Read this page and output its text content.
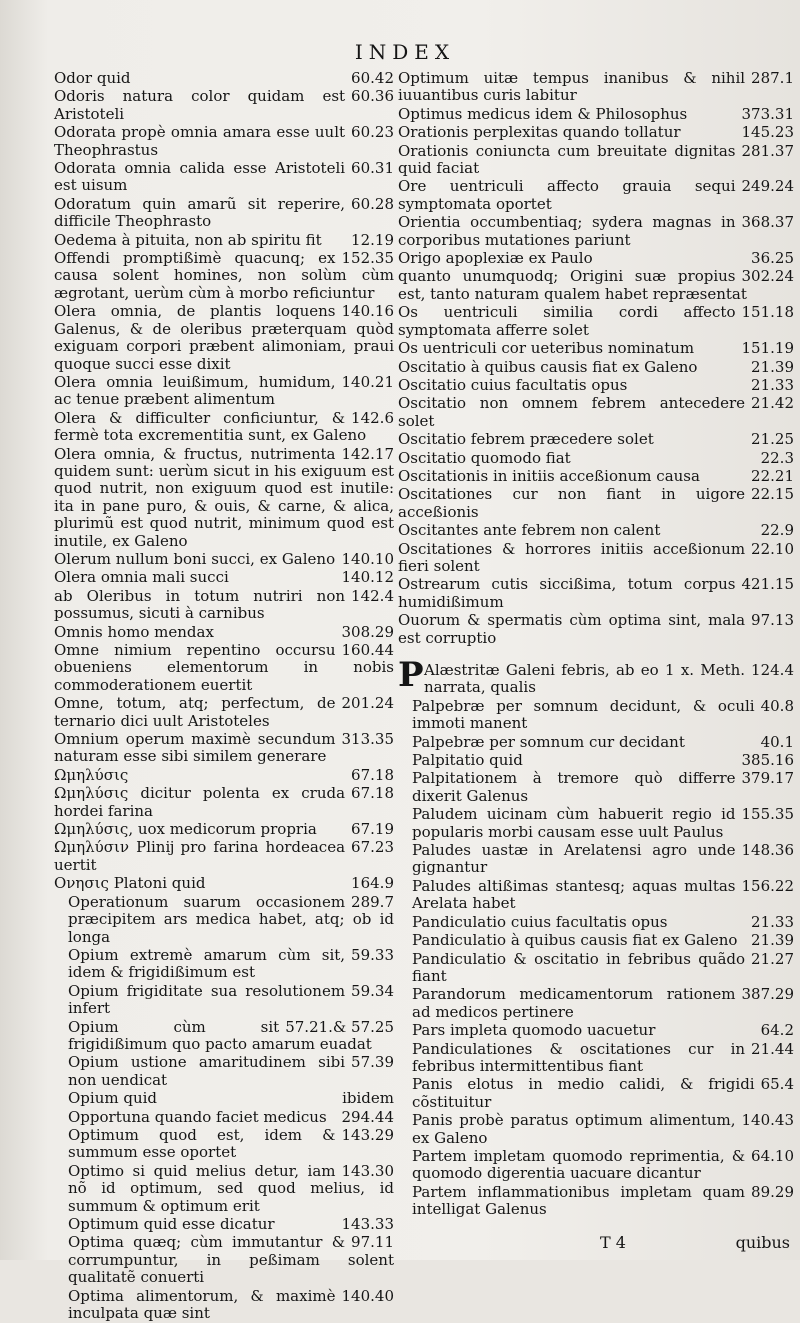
INDEX
60.42
Odor quid
60.36
Odoris natura color quidam est Aristoteli
60.23
Odorata propè omnia amara esse uult Theophrastus
60.31
Odorata omnia calida esse Aristoteli est uisum
60.28
Odoratum quin amarũ sit reperire, difficile Theophrasto
12.19
Oedema à pituita, non ab spiritu fit
152.35
Offendi promptißimè quacunq; ex causa solent homines, non solùm cùm ægrotant, uerùm cùm à morbo reficiuntur
140.16
Olera omnia, de plantis loquens Galenus, & de oleribus præterquam quòd exiguam corpori præbent alimoniam, praui quoque succi esse dixit
140.21
Olera omnia leuißimum, humidum, ac tenue præbent alimentum
142.6
Olera & difficulter conficiuntur, & fermè tota excrementitia sunt, ex Galeno
142.17
Olera omnia, & fructus, nutrimenta quidem sunt: uerùm sicut in his exiguum est quod nutrit, non exiguum quod est inutile: ita in pane puro, & ouis, & carne, & alica, plurimũ est quod nutrit, minimum quod est inutile, ex Galeno
140.10
Olerum nullum boni succi, ex Galeno
140.12
Olera omnia mali succi
142.4
ab Oleribus in totum nutriri non possumus, sicuti à carnibus
308.29
Omnis homo mendax
160.44
Omne nimium repentino occursu obueniens elementorum in nobis commoderationem euertit
201.24
Omne, totum, atq; perfectum, de ternario dici uult Aristoteles
313.35
Omnium operum maximè secundum naturam esse sibi similem generare
67.18
Ωμηλύσις
67.18
Ωμηλύσις dicitur polenta ex cruda hordei farina
67.19
Ωμηλύσις, uox medicorum propria
67.23
Ωμηλύσιν Plinĳ pro farina hordeacea uertit
164.9
Ονησις Platoni quid
289.7
Operationum suarum occasionem præcipitem ars medica habet, atq; ob id longa
59.33
Opium extremè amarum cùm sit, idem & frigidißimum est
59.34
Opium frigiditate sua resolutionem infert
57.21.& 57.25
Opium cùm sit frigidißimum quo pacto amarum euadat
57.39
Opium ustione amaritudinem sibi non uendicat
ibidem
Opium quid
294.44
Opportuna quando faciet medicus
143.29
Optimum quod est, idem & summum esse oportet
143.30
Optimo si quid melius detur, iam nõ id optimum, sed quod melius, id summum & optimum erit
143.33
Optimum quid esse dicatur
97.11
Optima quæq; cùm immutantur & corrumpuntur, in peßimam solent qualitatẽ conuerti
140.40
Optima alimentorum, & maximè inculpata quæ sint
287.1
Optimum uitæ tempus inanibus & nihil iuuantibus curis labitur
373.31
Optimus medicus idem & Philosophus
145.23
Orationis perplexitas quando tollatur
281.37
Orationis coniunctа cum breuitate dignitas quid faciat
249.24
Ore uentriculi affecto grauia sequi symptomata oportet
368.37
Orientia occumbentiaq; sydera magnas in corporibus mutationes pariunt
36.25
Origo apoplexiæ ex Paulo
302.24
quanto unumquodq; Origini suæ propius est, tanto naturam qualem habet repræsentat
151.18
Os uentriculi similia cordi affecto symptomata afferre solet
151.19
Os uentriculi cor ueteribus nominatum
21.39
Oscitatio à quibus causis fiat ex Galeno
21.33
Oscitatio cuius facultatis opus
21.42
Oscitatio non omnem febrem antecedere solet
21.25
Oscitatio febrem præcedere solet
22.3
Oscitatio quomodo fiat
22.21
Oscitationis in initiis acceßionum causa
22.15
Oscitationes cur non fiant in uigore acceßionis
22.9
Oscitantes ante febrem non calent
22.10
Oscitationes & horrores initiis acceßionum fieri solent
421.15
Ostrearum cutis siccißima, totum corpus humidißimum
97.13
Ouorum & spermatis cùm optima sint, mala est corruptio
P	124.4
Alæstritæ Galeni febris, ab eo 1 x. Meth. narrata, qualis
40.8
Palpebræ per somnum decidunt, & oculi immoti manent
40.1
Palpebræ per somnum cur decidant
385.16
Palpitatio quid
379.17
Palpitationem à tremore quò differre dixerit Galenus
155.35
Paludem uicinam cùm habuerit regio id popularis morbi causam esse uult Paulus
148.36
Paludes uastæ in Arelatensi agro unde gignantur
156.22
Paludes altißimas stantesq; aquas multas Arelata habet
21.33
Pandiculatio cuius facultatis opus
21.39
Pandiculatio à quibus causis fiat ex Galeno
21.27
Pandiculatio & oscitatio in febribus quãdo fiant
387.29
Parandorum medicamentorum rationem ad medicos pertinere
64.2
Pars impleta quomodo uacuetur
21.44
Pandiculationes & oscitationes cur in febribus intermittentibus fiant
65.4
Panis elotus in medio calidi, & frigidi cõstituitur
140.43
Panis probè paratus optimum alimentum, ex Galeno
64.10
Partem impletam quomodo reprimentia, & quomodo digerentia uacuare dicantur
89.29
Partem inflammationibus impletam quam intelligat Galenus
T 4	quibus
